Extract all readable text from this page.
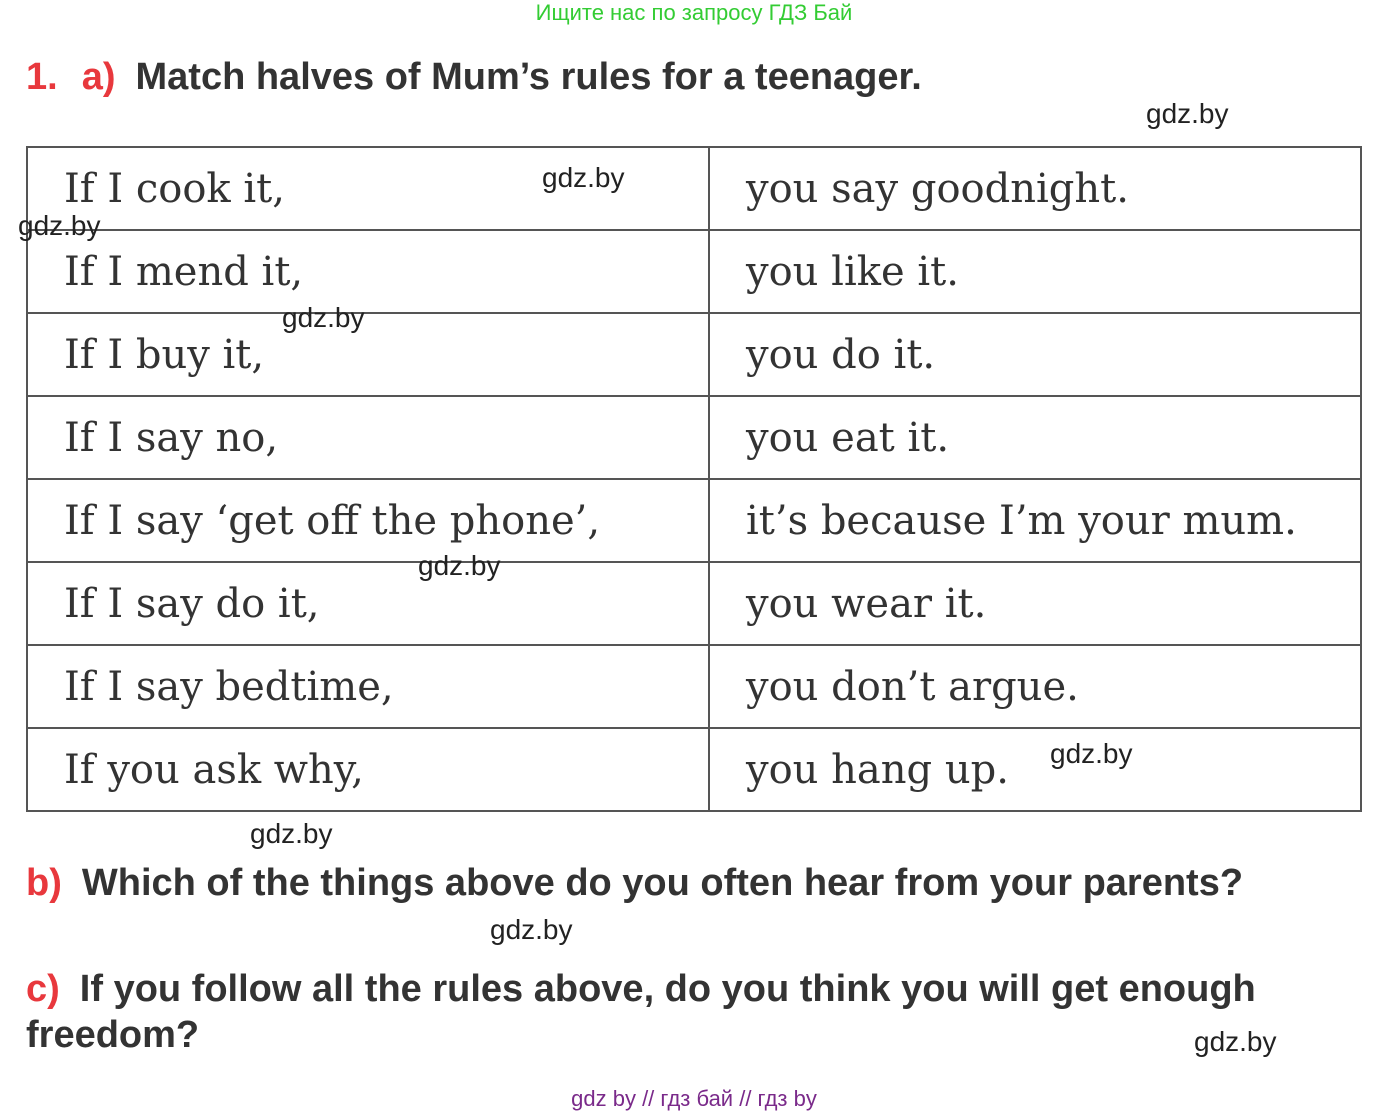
Ищите нас по запросу ГДЗ Бай
1. a) Match halves of Mum’s rules for a teenager.
If I cook it,	you say goodnight.
If I mend it,	you like it.
If I buy it,	you do it.
If I say no,	you eat it.
If I say ‘get off the phone’,	it’s because I’m your mum.
If I say do it,	you wear it.
If I say bedtime,	you don’t argue.
If you ask why,	you hang up.
b) Which of the things above do you often hear from your parents?
c) If you follow all the rules above, do you think you will get enough freedom?
gdz.by
gdz.by
gdz.by
gdz.by
gdz.by
gdz.by
gdz.by
gdz.by
gdz.by
gdz by // гдз бай // гдз by
